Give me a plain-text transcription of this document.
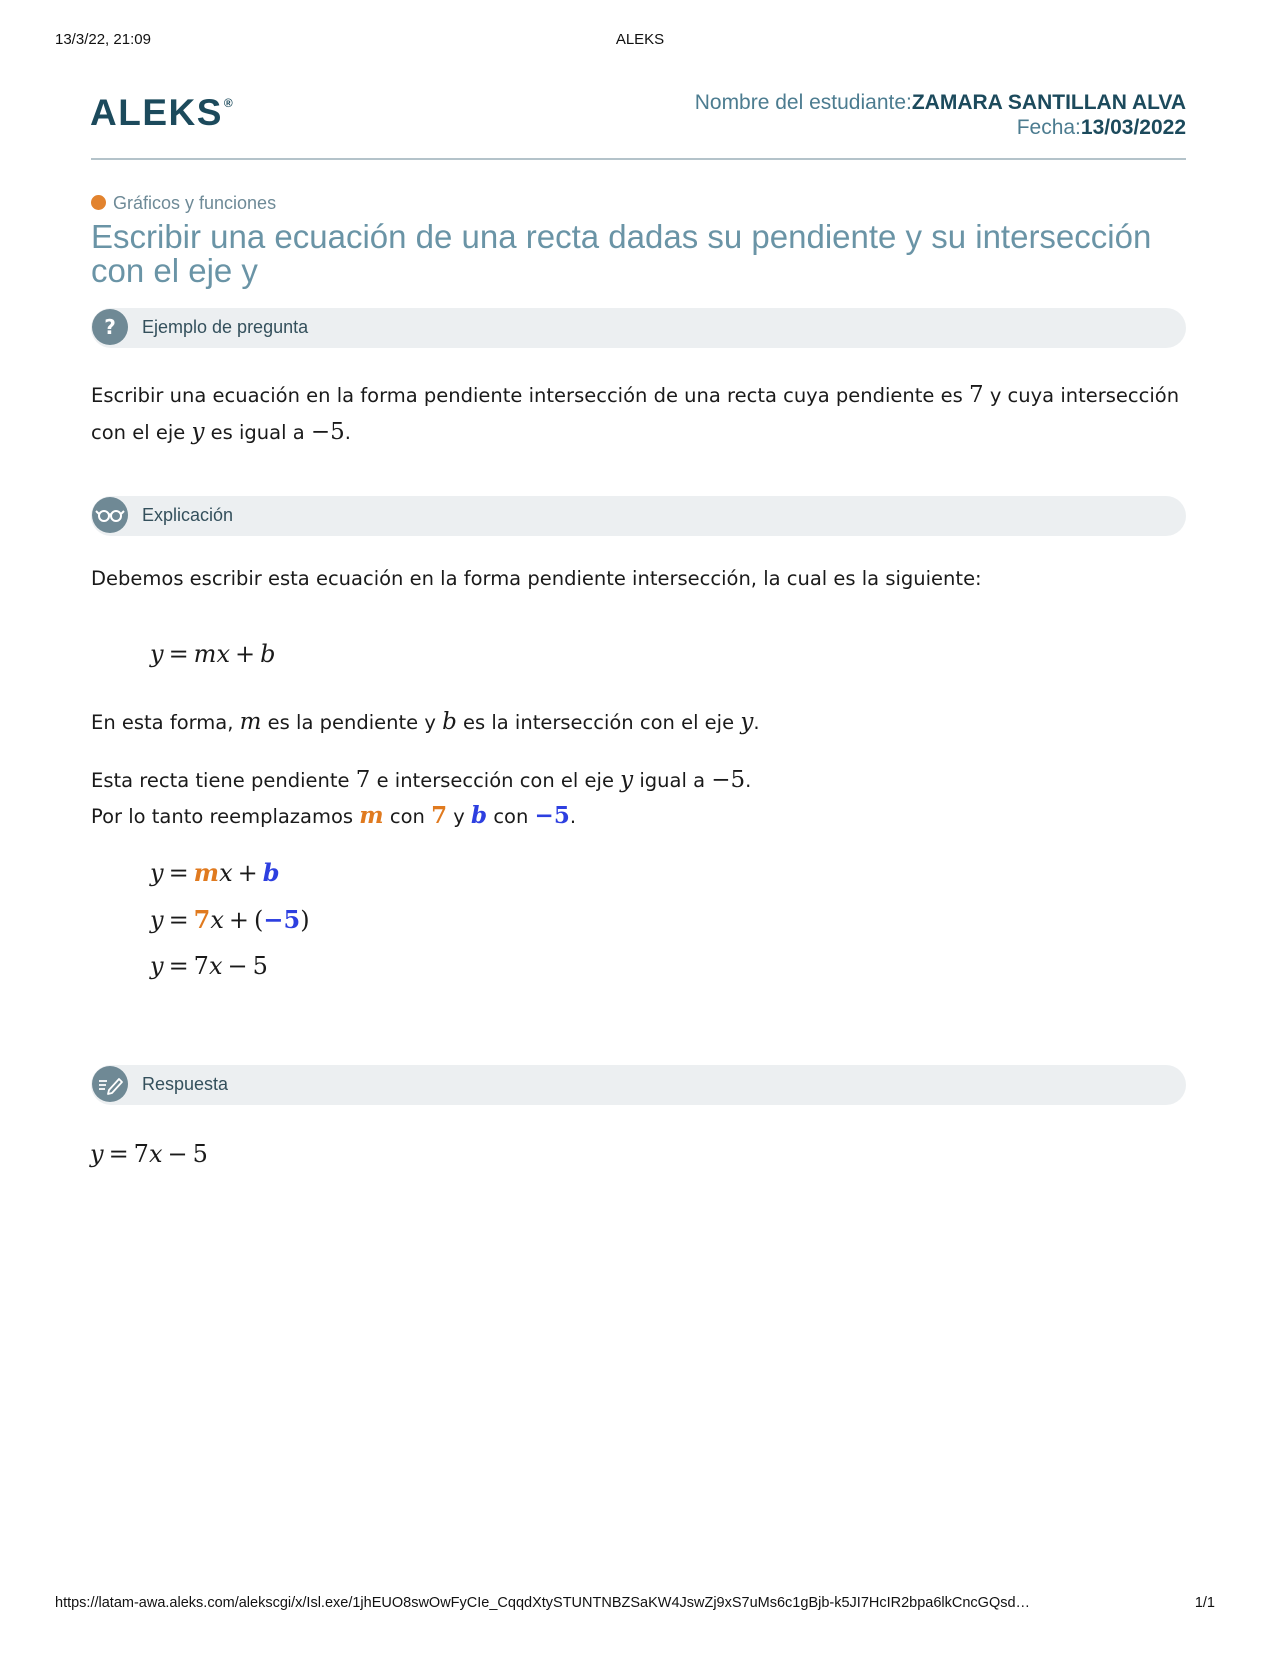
13/3/22, 21:09	ALEKS
ALEKS®	Nombre del estudiante:ZAMARA SANTILLAN ALVA
Fecha:13/03/2022
Gráficos y funciones
Escribir una ecuación de una recta dadas su pendiente y su intersección con el eje y
?	Ejemplo de pregunta
Escribir una ecuación en la forma pendiente intersección de una recta cuya pendiente es 7 y cuya intersección con el eje y es igual a −5.
Explicación
Debemos escribir esta ecuación en la forma pendiente intersección, la cual es la siguiente:
y = mx + b
En esta forma, m es la pendiente y b es la intersección con el eje y.
Esta recta tiene pendiente 7 e intersección con el eje y igual a −5.
Por lo tanto reemplazamos m con 7 y b con −5.
y = mx + b
y = 7x + (−5)
y = 7x − 5
Respuesta
y = 7x − 5
https://latam-awa.aleks.com/alekscgi/x/Isl.exe/1jhEUO8swOwFyCIe_CqqdXtySTUNTNBZSaKW4JswZj9xS7uMs6c1gBjb-k5JI7HcIR2bpa6lkCncGQsd…	1/1
